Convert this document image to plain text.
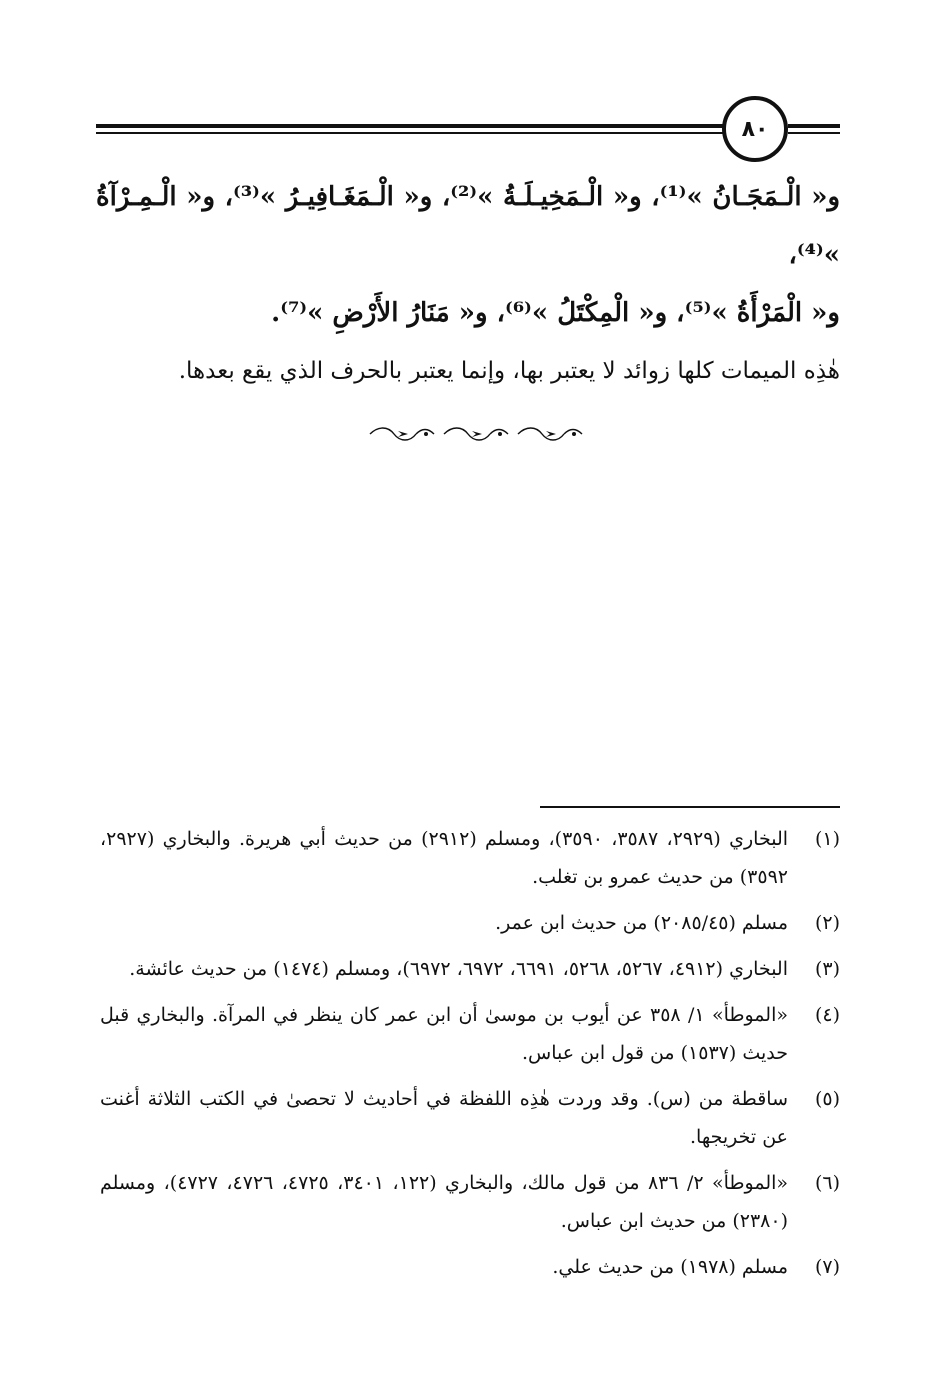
٨٠

و« الْـمَجَـانُ »⁽¹⁾، و« الْـمَخِيـلَـةُ »⁽²⁾، و« الْـمَغَـافِيـرُ »⁽³⁾، و« الْـمِـرْآةُ »⁽⁴⁾،

و« الْمَرْأَةُ »⁽⁵⁾، و« الْمِكْتَلُ »⁽⁶⁾، و« مَنَارُ الأَرْضِ »⁽⁷⁾.

هٰذِه الميمات كلها زوائد لا يعتبر بها، وإنما يعتبر بالحرف الذي يقع بعدها.

(١)
البخاري (٢٩٢٩، ٣٥٨٧، ٣٥٩٠)، ومسلم (٢٩١٢) من حديث أبي هريرة. والبخاري (٢٩٢٧، ٣٥٩٢) من حديث عمرو بن تغلب.
(٢)
مسلم (٢٠٨٥/٤٥) من حديث ابن عمر.
(٣)
البخاري (٤٩١٢، ٥٢٦٧، ٥٢٦٨، ٦٦٩١، ٦٩٧٢، ٦٩٧٢)، ومسلم (١٤٧٤) من حديث عائشة.
(٤)
«الموطأ» ١/ ٣٥٨ عن أيوب بن موسىٰ أن ابن عمر كان ينظر في المرآة. والبخاري قبل حديث (١٥٣٧) من قول ابن عباس.
(٥)
ساقطة من (س). وقد وردت هٰذِه اللفظة في أحاديث لا تحصىٰ في الكتب الثلاثة أغنت عن تخريجها.
(٦)
«الموطأ» ٢/ ٨٣٦ من قول مالك، والبخاري (١٢٢، ٣٤٠١، ٤٧٢٥، ٤٧٢٦، ٤٧٢٧)، ومسلم (٢٣٨٠) من حديث ابن عباس.
(٧)
مسلم (١٩٧٨) من حديث علي.
